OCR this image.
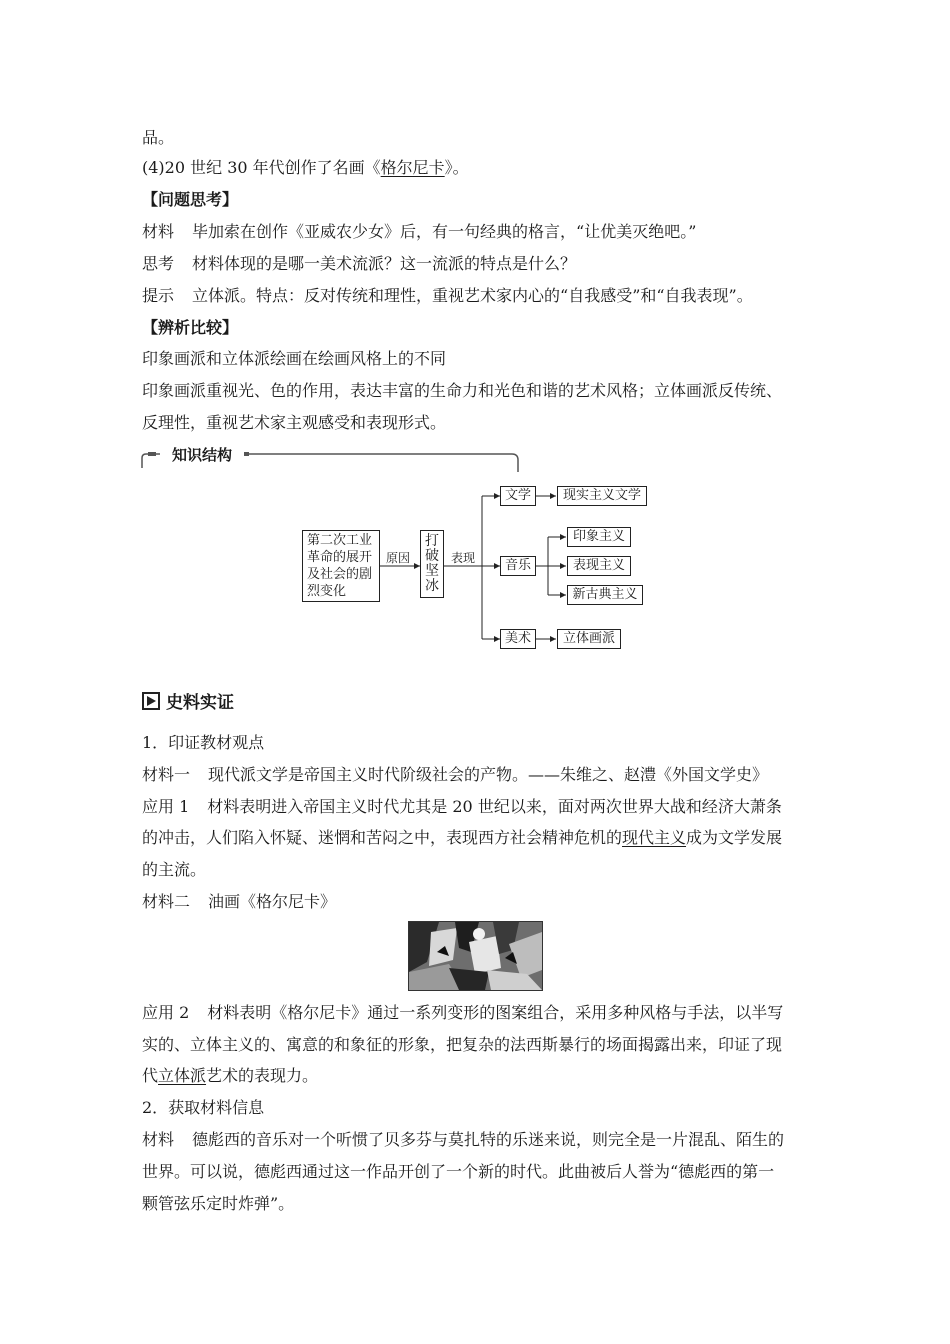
品。
(4)20 世纪 30 年代创作了名画《格尔尼卡》。
【问题思考】
材料 毕加索在创作《亚威农少女》后，有一句经典的格言，“让优美灭绝吧。”
思考 材料体现的是哪一美术流派？这一流派的特点是什么？
提示 立体派。特点：反对传统和理性，重视艺术家内心的“自我感受”和“自我表现”。
【辨析比较】
印象画派和立体派绘画在绘画风格上的不同
印象画派重视光、色的作用，表达丰富的生命力和光色和谐的艺术风格；立体画派反传统、
反理性，重视艺术家主观感受和表现形式。
知识结构
第二次工业革命的展开及社会的剧烈变化
原因
打破坚冰
表现
文学	现实主义文学
音乐
印象主义
表现主义
新古典主义
美术	立体画派
史料实证
1．印证教材观点
材料一 现代派文学是帝国主义时代阶级社会的产物。——朱维之、赵澧《外国文学史》
应用 1 材料表明进入帝国主义时代尤其是 20 世纪以来，面对两次世界大战和经济大萧条
的冲击，人们陷入怀疑、迷惘和苦闷之中，表现西方社会精神危机的现代主义成为文学发展
的主流。
材料二 油画《格尔尼卡》
应用 2 材料表明《格尔尼卡》通过一系列变形的图案组合，采用多种风格与手法，以半写
实的、立体主义的、寓意的和象征的形象，把复杂的法西斯暴行的场面揭露出来，印证了现
代立体派艺术的表现力。
2．获取材料信息
材料 德彪西的音乐对一个听惯了贝多芬与莫扎特的乐迷来说，则完全是一片混乱、陌生的
世界。可以说，德彪西通过这一作品开创了一个新的时代。此曲被后人誉为“德彪西的第一
颗管弦乐定时炸弹”。
